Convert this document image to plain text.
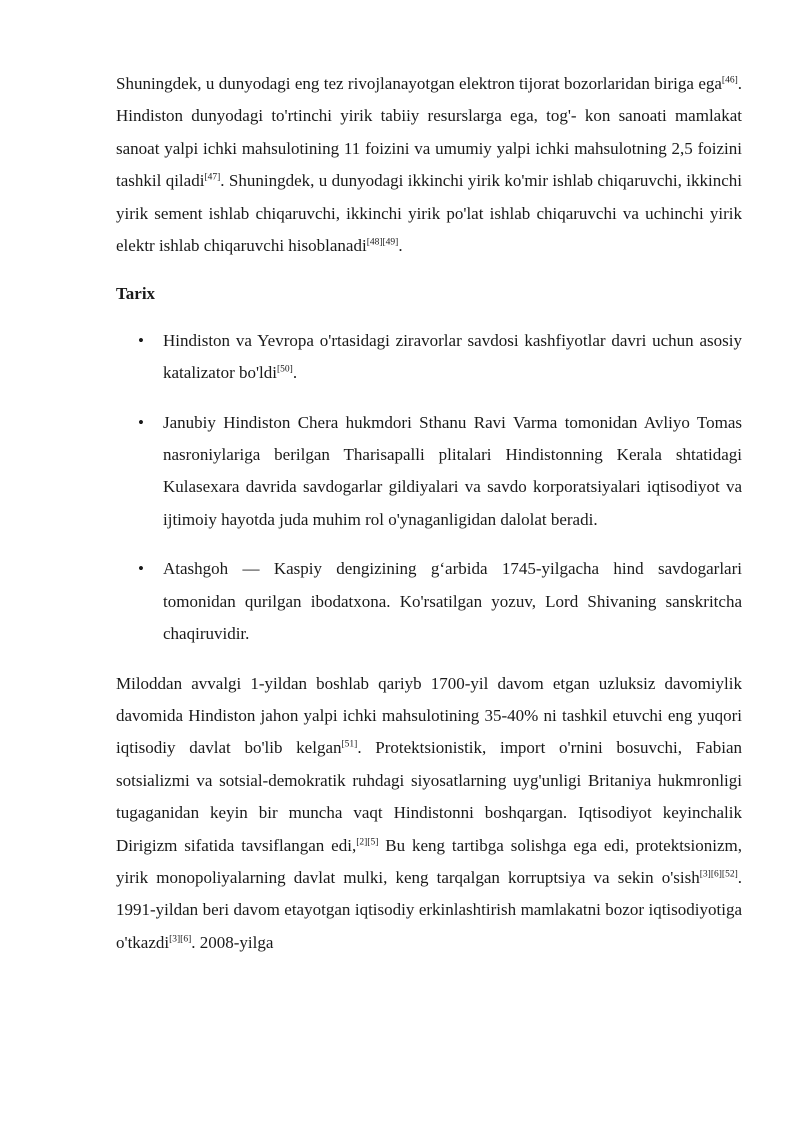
Shuningdek, u dunyodagi eng tez rivojlanayotgan elektron tijorat bozorlaridan biriga ega[46]. Hindiston dunyodagi to'rtinchi yirik tabiiy resurslarga ega, tog'- kon sanoati mamlakat sanoat yalpi ichki mahsulotining 11 foizini va umumiy yalpi ichki mahsulotning 2,5 foizini tashkil qiladi[47]. Shuningdek, u dunyodagi ikkinchi yirik ko'mir ishlab chiqaruvchi, ikkinchi yirik sement ishlab chiqaruvchi, ikkinchi yirik po'lat ishlab chiqaruvchi va uchinchi yirik elektr ishlab chiqaruvchi hisoblanadi[48][49].

Tarix

• Hindiston va Yevropa o'rtasidagi ziravorlar savdosi kashfiyotlar davri uchun asosiy katalizator bo'ldi[50].
• Janubiy Hindiston Chera hukmdori Sthanu Ravi Varma tomonidan Avliyo Tomas nasroniylariga berilgan Tharisapalli plitalari Hindistonning Kerala shtatidagi Kulasexara davrida savdogarlar gildiyalari va savdo korporatsiyalari iqtisodiyot va ijtimoiy hayotda juda muhim rol o'ynaganligidan dalolat beradi.
• Atashgoh — Kaspiy dengizining gʻarbida 1745-yilgacha hind savdogarlari tomonidan qurilgan ibodatxona. Ko'rsatilgan yozuv, Lord Shivaning sanskritcha chaqiruvidir.

Miloddan avvalgi 1-yildan boshlab qariyb 1700-yil davom etgan uzluksiz davomiylik davomida Hindiston jahon yalpi ichki mahsulotining 35-40% ni tashkil etuvchi eng yuqori iqtisodiy davlat bo'lib kelgan[51]. Protektsionistik, import o'rnini bosuvchi, Fabian sotsializmi va sotsial-demokratik ruhdagi siyosatlarning uyg'unligi Britaniya hukmronligi tugaganidan keyin bir muncha vaqt Hindistonni boshqargan. Iqtisodiyot keyinchalik Dirigizm sifatida tavsiflangan edi,[2][5] Bu keng tartibga solishga ega edi, protektsionizm, yirik monopoliyalarning davlat mulki, keng tarqalgan korruptsiya va sekin o'sish[3][6][52]. 1991-yildan beri davom etayotgan iqtisodiy erkinlashtirish mamlakatni bozor iqtisodiyotiga o'tkazdi[3][6]. 2008-yilga
